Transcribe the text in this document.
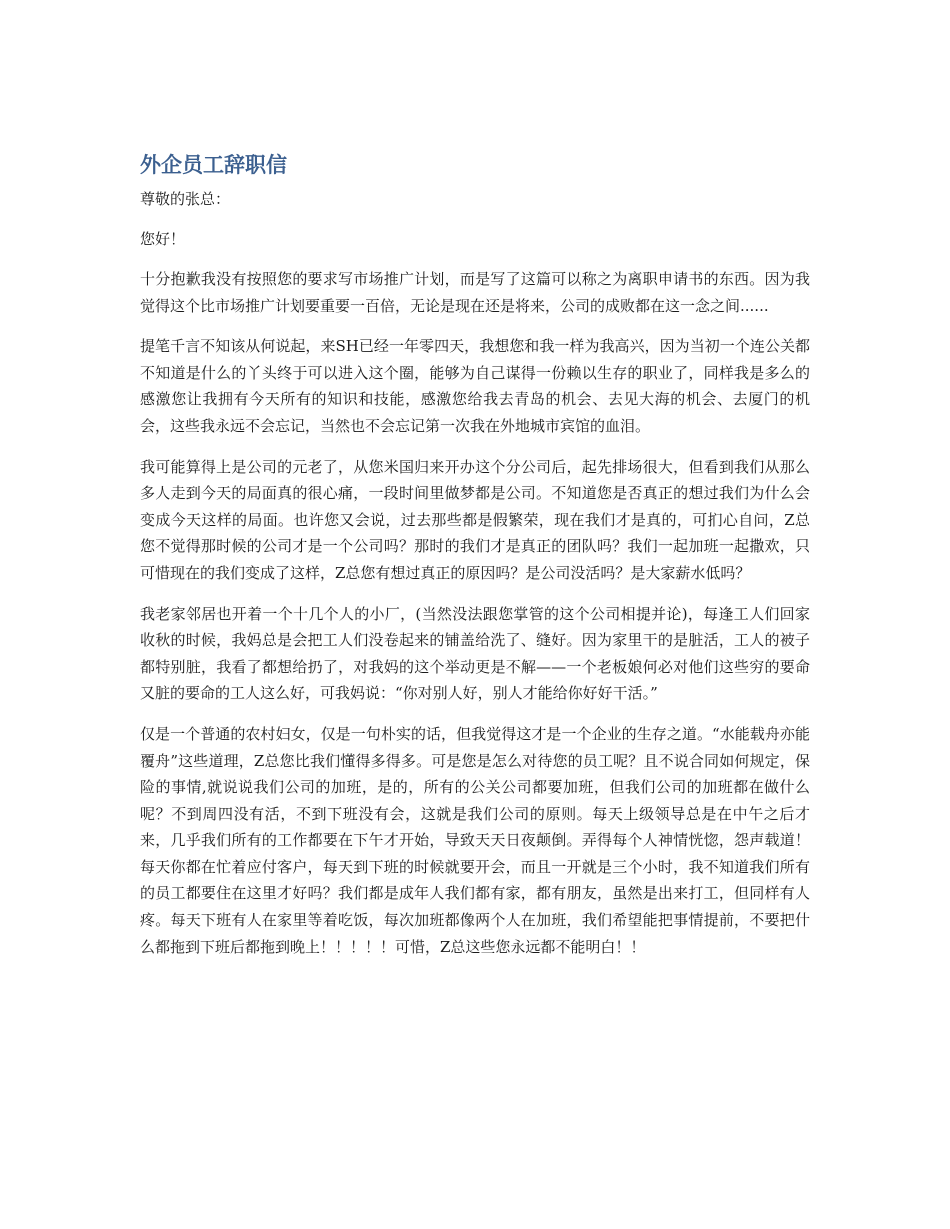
外企员工辞职信

尊敬的张总：

您好！

十分抱歉我没有按照您的要求写市场推广计划，而是写了这篇可以称之为离职申请书的东西。因为我觉得这个比市场推广计划要重要一百倍，无论是现在还是将来，公司的成败都在这一念之间......

提笔千言不知该从何说起，来SH已经一年零四天，我想您和我一样为我高兴，因为当初一个连公关都不知道是什么的丫头终于可以进入这个圈，能够为自己谋得一份赖以生存的职业了，同样我是多么的感激您让我拥有今天所有的知识和技能，感激您给我去青岛的机会、去见大海的机会、去厦门的机会，这些我永远不会忘记，当然也不会忘记第一次我在外地城市宾馆的血泪。

我可能算得上是公司的元老了，从您米国归来开办这个分公司后，起先排场很大，但看到我们从那么多人走到今天的局面真的很心痛，一段时间里做梦都是公司。不知道您是否真正的想过我们为什么会变成今天这样的局面。也许您又会说，过去那些都是假繁荣，现在我们才是真的，可扪心自问，Z总您不觉得那时候的公司才是一个公司吗？那时的我们才是真正的团队吗？我们一起加班一起撒欢，只可惜现在的我们变成了这样，Z总您有想过真正的原因吗？是公司没活吗？是大家薪水低吗？

我老家邻居也开着一个十几个人的小厂，(当然没法跟您掌管的这个公司相提并论)，每逢工人们回家收秋的时候，我妈总是会把工人们没卷起来的铺盖给洗了、缝好。因为家里干的是脏活，工人的被子都特别脏，我看了都想给扔了，对我妈的这个举动更是不解——一个老板娘何必对他们这些穷的要命又脏的要命的工人这么好，可我妈说：“你对别人好，别人才能给你好好干活。”

仅是一个普通的农村妇女，仅是一句朴实的话，但我觉得这才是一个企业的生存之道。“水能载舟亦能覆舟”这些道理，Z总您比我们懂得多得多。可是您是怎么对待您的员工呢？且不说合同如何规定，保险的事情,就说说我们公司的加班，是的，所有的公关公司都要加班，但我们公司的加班都在做什么呢？不到周四没有活，不到下班没有会，这就是我们公司的原则。每天上级领导总是在中午之后才来，几乎我们所有的工作都要在下午才开始，导致天天日夜颠倒。弄得每个人神情恍惚，怨声载道！每天你都在忙着应付客户，每天到下班的时候就要开会，而且一开就是三个小时，我不知道我们所有的员工都要住在这里才好吗？我们都是成年人我们都有家，都有朋友，虽然是出来打工，但同样有人疼。每天下班有人在家里等着吃饭，每次加班都像两个人在加班，我们希望能把事情提前，不要把什么都拖到下班后都拖到晚上！！！！！可惜，Z总这些您永远都不能明白！！
